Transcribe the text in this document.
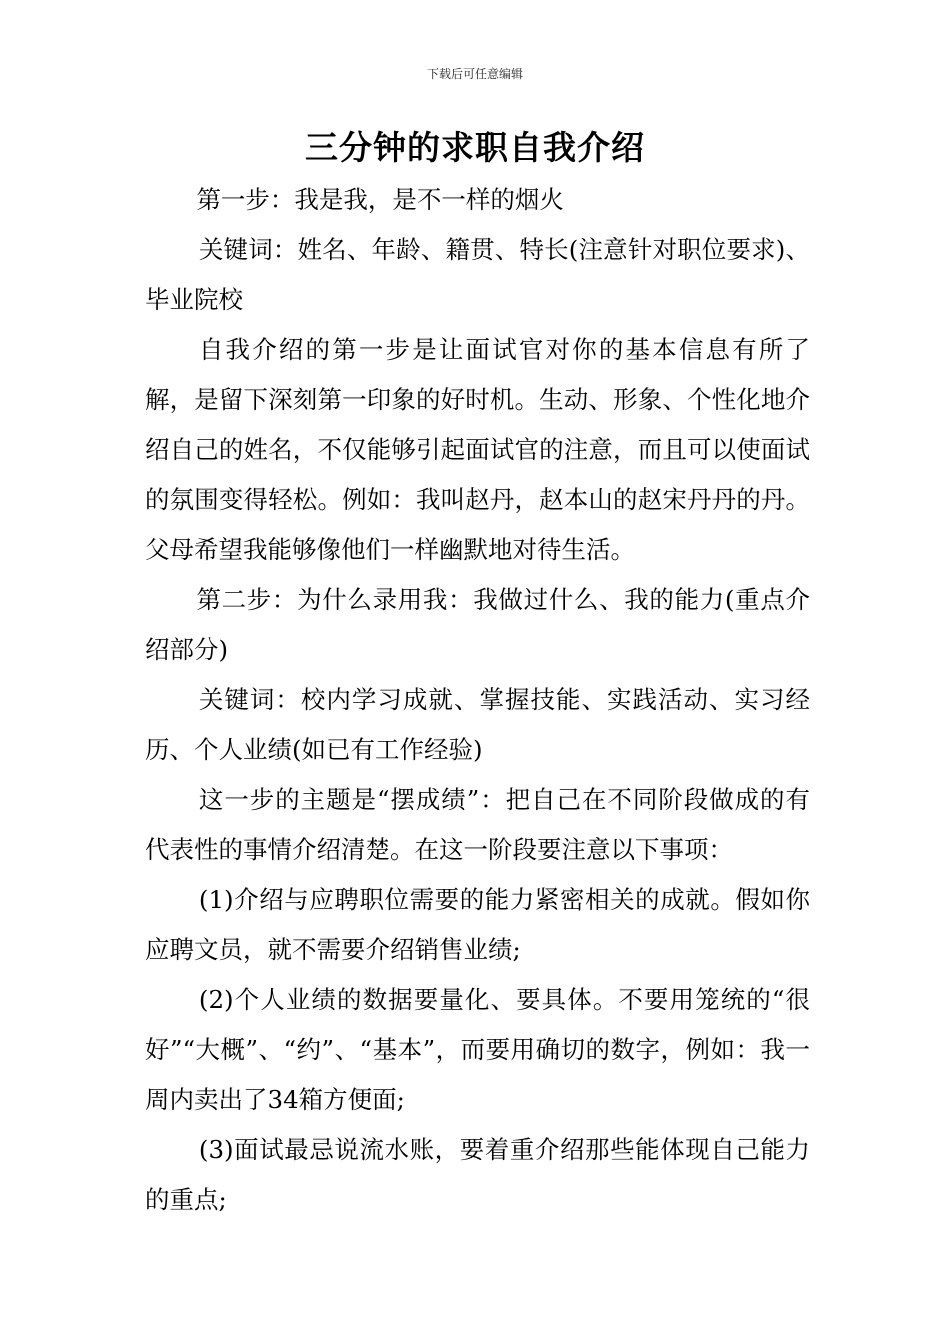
下载后可任意编辑
三分钟的求职自我介绍

第一步：我是我，是不一样的烟火

关键词：姓名、年龄、籍贯、特长(注意针对职位要求)、毕业院校

自我介绍的第一步是让面试官对你的基本信息有所了解，是留下深刻第一印象的好时机。生动、形象、个性化地介绍自己的姓名，不仅能够引起面试官的注意，而且可以使面试的氛围变得轻松。例如：我叫赵丹，赵本山的赵宋丹丹的丹。父母希望我能够像他们一样幽默地对待生活。

第二步：为什么录用我：我做过什么、我的能力(重点介绍部分)

关键词：校内学习成就、掌握技能、实践活动、实习经历、个人业绩(如已有工作经验)

这一步的主题是“摆成绩”：把自己在不同阶段做成的有代表性的事情介绍清楚。在这一阶段要注意以下事项：

(1)介绍与应聘职位需要的能力紧密相关的成就。假如你应聘文员，就不需要介绍销售业绩;

(2)个人业绩的数据要量化、要具体。不要用笼统的“很好”“大概”、“约”、“基本”，而要用确切的数字，例如：我一周内卖出了34箱方便面;

(3)面试最忌说流水账，要着重介绍那些能体现自己能力的重点;
